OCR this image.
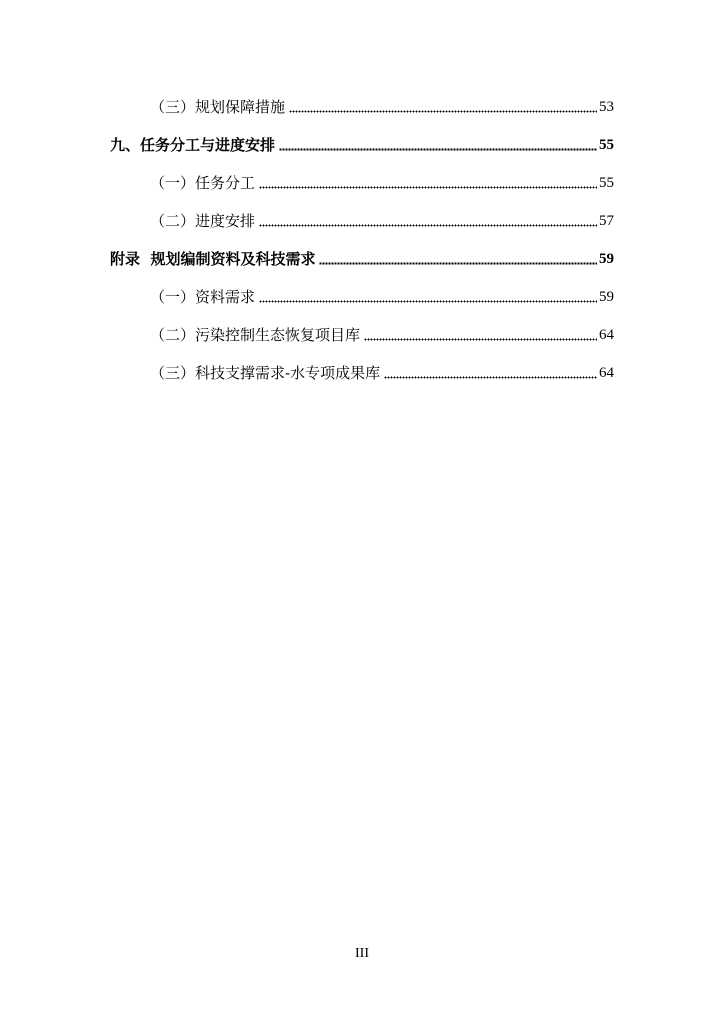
（三）规划保障措施	53
九、任务分工与进度安排	55
（一）任务分工	55
（二）进度安排	57
附录  规划编制资料及科技需求	59
（一）资料需求	59
（二）污染控制生态恢复项目库	64
（三）科技支撑需求-水专项成果库	64
III
